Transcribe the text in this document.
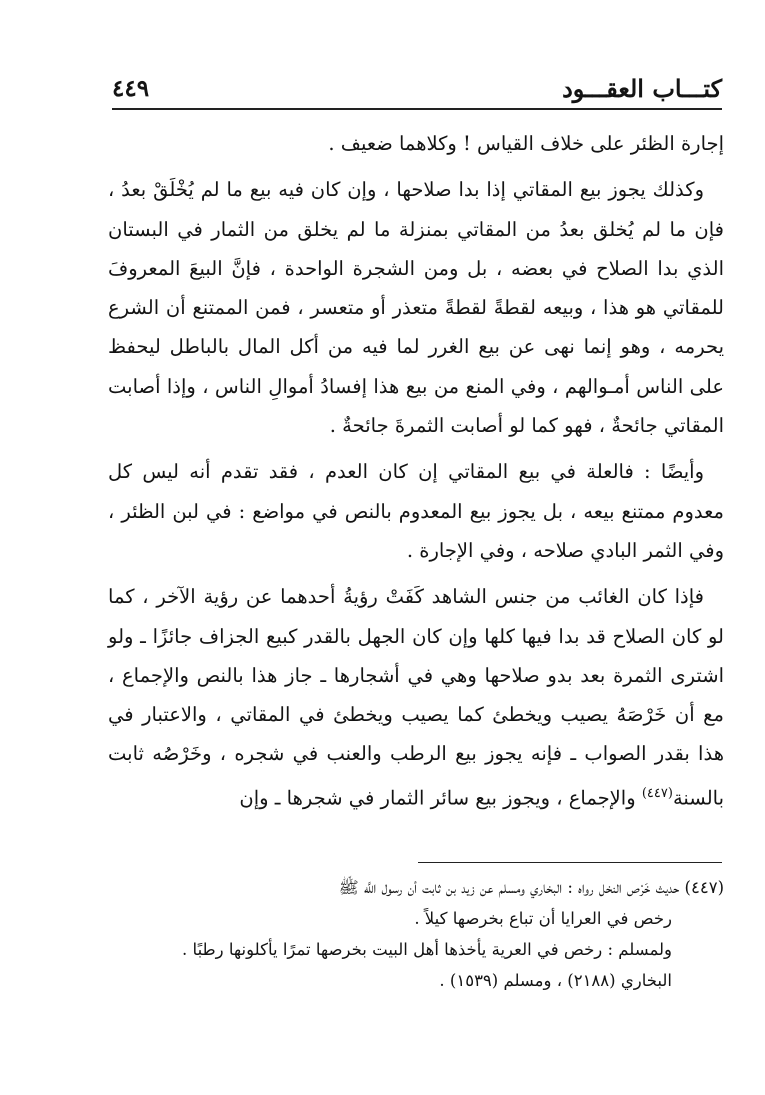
كتـــاب العقـــود
٤٤٩

إجارة الظئر على خلاف القياس ! وكلاهما ضعيف .

وكذلك يجوز بيع المقاتي إذا بدا صلاحها ، وإن كان فيه بيع ما لم يُخْلَقْ بعدُ ، فإن ما لم يُخلق بعدُ من المقاتي بمنزلة ما لم يخلق من الثمار في البستان الذي بدا الصلاح في بعضه ، بل ومن الشجرة الواحدة ، فإنَّ البيعَ المعروفَ للمقاتي هو هذا ، وبيعه لقطةً لقطةً متعذر أو متعسر ، فمن الممتنع أن الشرع يحرمه ، وهو إنما نهى عن بيع الغرر لما فيه من أكل المال بالباطل ليحفظ على الناس أمـوالهم ، وفي المنع من بيع هذا إفسادُ أموالِ الناس ، وإذا أصابت المقاتي جائحةٌ ، فهو كما لو أصابت الثمرةَ جائحةٌ .

وأيضًا : فالعلة في بيع المقاتي إن كان العدم ، فقد تقدم أنه ليس كل معدوم ممتنع بيعه ، بل يجوز بيع المعدوم بالنص في مواضع : في لبن الظئر ، وفي الثمر البادي صلاحه ، وفي الإجارة .

فإذا كان الغائب من جنس الشاهد كَفَتْ رؤيةُ أحدهما عن رؤية الآخر ، كما لو كان الصلاح قد بدا فيها كلها وإن كان الجهل بالقدر كبيع الجزاف جائزًا ـ ولو اشترى الثمرة بعد بدو صلاحها وهي في أشجارها ـ جاز هذا بالنص والإجماع ، مع أن خَرْصَهُ يصيب ويخطئ كما يصيب ويخطئ في المقاتي ، والاعتبار في هذا بقدر الصواب ـ فإنه يجوز بيع الرطب والعنب في شجره ، وخَرْصُه ثابت بالسنة$^{(٤٤٧)}$ والإجماع ، ويجوز بيع سائر الثمار في شجرها ـ وإن

(٤٤٧) حديث خَرْص النخل رواه : البخاري ومسلم عن زيد بن ثابت أن رسول اللَّه ﷺ

رخص في العرايا أن تباع بخرصها كيلاً .

ولمسلم : رخص في العرية يأخذها أهل البيت بخرصها تمرًا يأكلونها رطبًا .

البخاري (٢١٨٨) ، ومسلم (١٥٣٩) .
